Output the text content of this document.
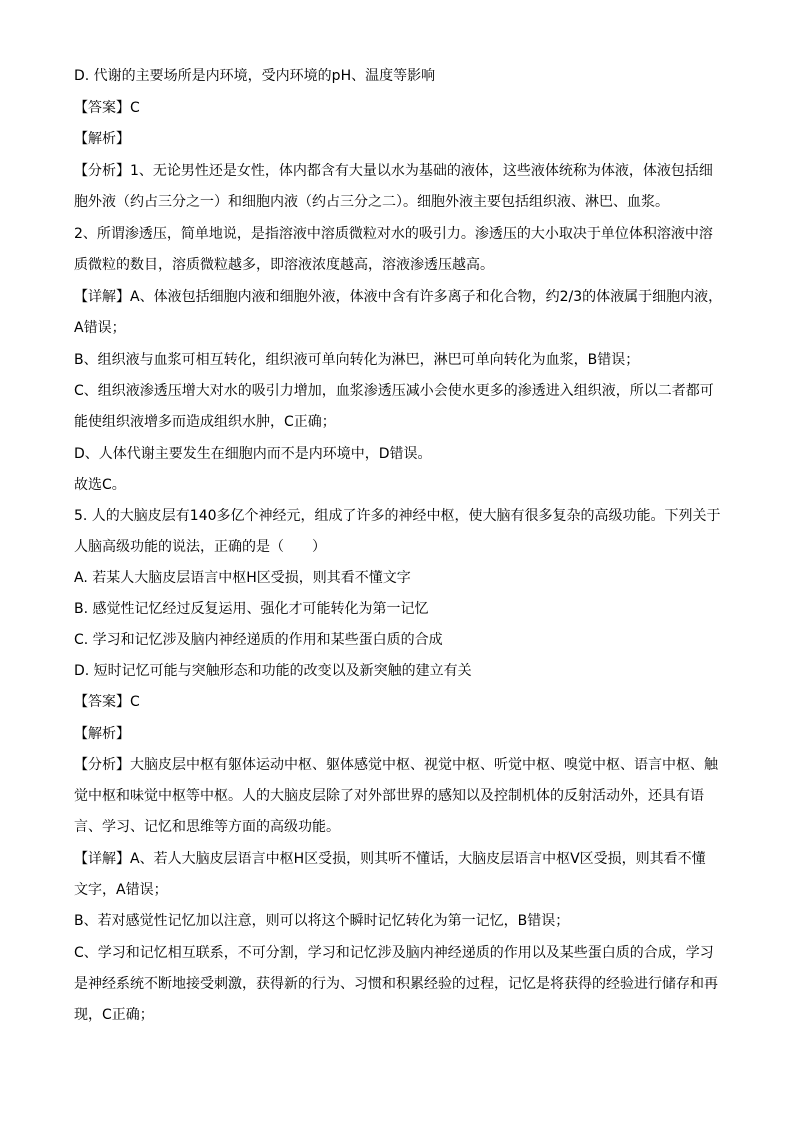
D. 代谢的主要场所是内环境，受内环境的pH、温度等影响
【答案】C
【解析】
【分析】1、无论男性还是女性，体内都含有大量以水为基础的液体，这些液体统称为体液，体液包括细
胞外液（约占三分之一）和细胞内液（约占三分之二）。细胞外液主要包括组织液、淋巴、血浆。
2、所谓渗透压，简单地说，是指溶液中溶质微粒对水的吸引力。渗透压的大小取决于单位体积溶液中溶
质微粒的数目，溶质微粒越多，即溶液浓度越高，溶液渗透压越高。
【详解】A、体液包括细胞内液和细胞外液，体液中含有许多离子和化合物，约2/3的体液属于细胞内液，
A错误；
B、组织液与血浆可相互转化，组织液可单向转化为淋巴，淋巴可单向转化为血浆，B错误；
C、组织液渗透压增大对水的吸引力增加，血浆渗透压减小会使水更多的渗透进入组织液，所以二者都可
能使组织液增多而造成组织水肿，C正确；
D、人体代谢主要发生在细胞内而不是内环境中，D错误。
故选C。
5. 人的大脑皮层有140多亿个神经元，组成了许多的神经中枢，使大脑有很多复杂的高级功能。下列关于
人脑高级功能的说法，正确的是（　　）
A. 若某人大脑皮层语言中枢H区受损，则其看不懂文字
B. 感觉性记忆经过反复运用、强化才可能转化为第一记忆
C. 学习和记忆涉及脑内神经递质的作用和某些蛋白质的合成
D. 短时记忆可能与突触形态和功能的改变以及新突触的建立有关
【答案】C
【解析】
【分析】大脑皮层中枢有躯体运动中枢、躯体感觉中枢、视觉中枢、听觉中枢、嗅觉中枢、语言中枢、触
觉中枢和味觉中枢等中枢。人的大脑皮层除了对外部世界的感知以及控制机体的反射活动外，还具有语
言、学习、记忆和思维等方面的高级功能。
【详解】A、若人大脑皮层语言中枢H区受损，则其听不懂话，大脑皮层语言中枢V区受损，则其看不懂
文字，A错误；
B、若对感觉性记忆加以注意，则可以将这个瞬时记忆转化为第一记忆，B错误；
C、学习和记忆相互联系，不可分割，学习和记忆涉及脑内神经递质的作用以及某些蛋白质的合成，学习
是神经系统不断地接受刺激，获得新的行为、习惯和积累经验的过程，记忆是将获得的经验进行储存和再
现，C正确；
